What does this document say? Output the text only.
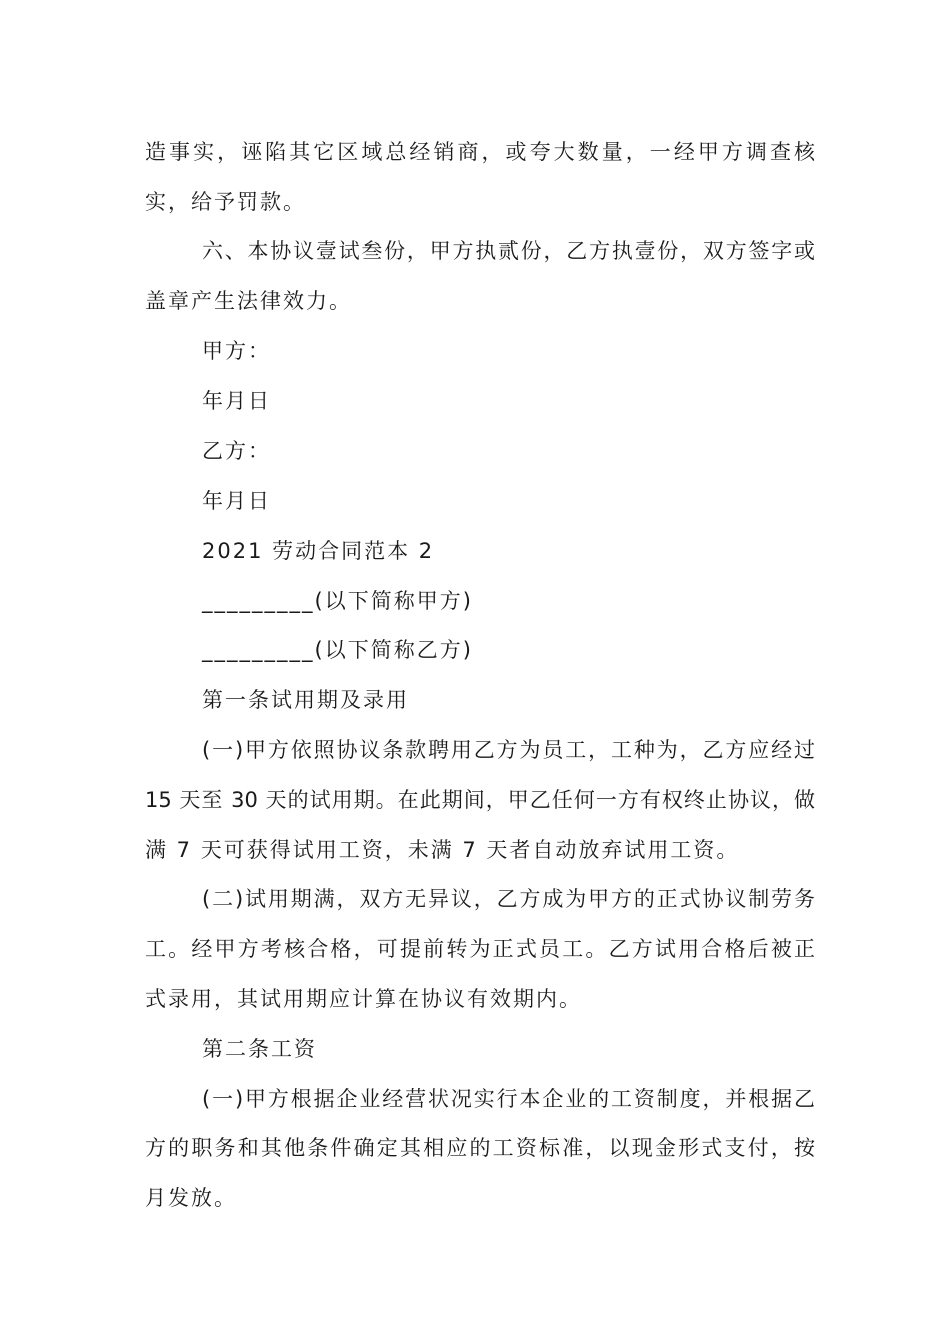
造事实，诬陷其它区域总经销商，或夸大数量，一经甲方调查核
实，给予罚款。
六、本协议壹试叁份，甲方执贰份，乙方执壹份，双方签字或
盖章产生法律效力。
甲方：
年月日
乙方：
年月日
2021 劳动合同范本 2
_________(以下简称甲方)
_________(以下简称乙方)
第一条试用期及录用
(一)甲方依照协议条款聘用乙方为员工，工种为，乙方应经过
15 天至 30 天的试用期。在此期间，甲乙任何一方有权终止协议，做
满 7 天可获得试用工资，未满 7 天者自动放弃试用工资。
(二)试用期满，双方无异议，乙方成为甲方的正式协议制劳务
工。经甲方考核合格，可提前转为正式员工。乙方试用合格后被正
式录用，其试用期应计算在协议有效期内。
第二条工资
(一)甲方根据企业经营状况实行本企业的工资制度，并根据乙
方的职务和其他条件确定其相应的工资标准，以现金形式支付，按
月发放。
